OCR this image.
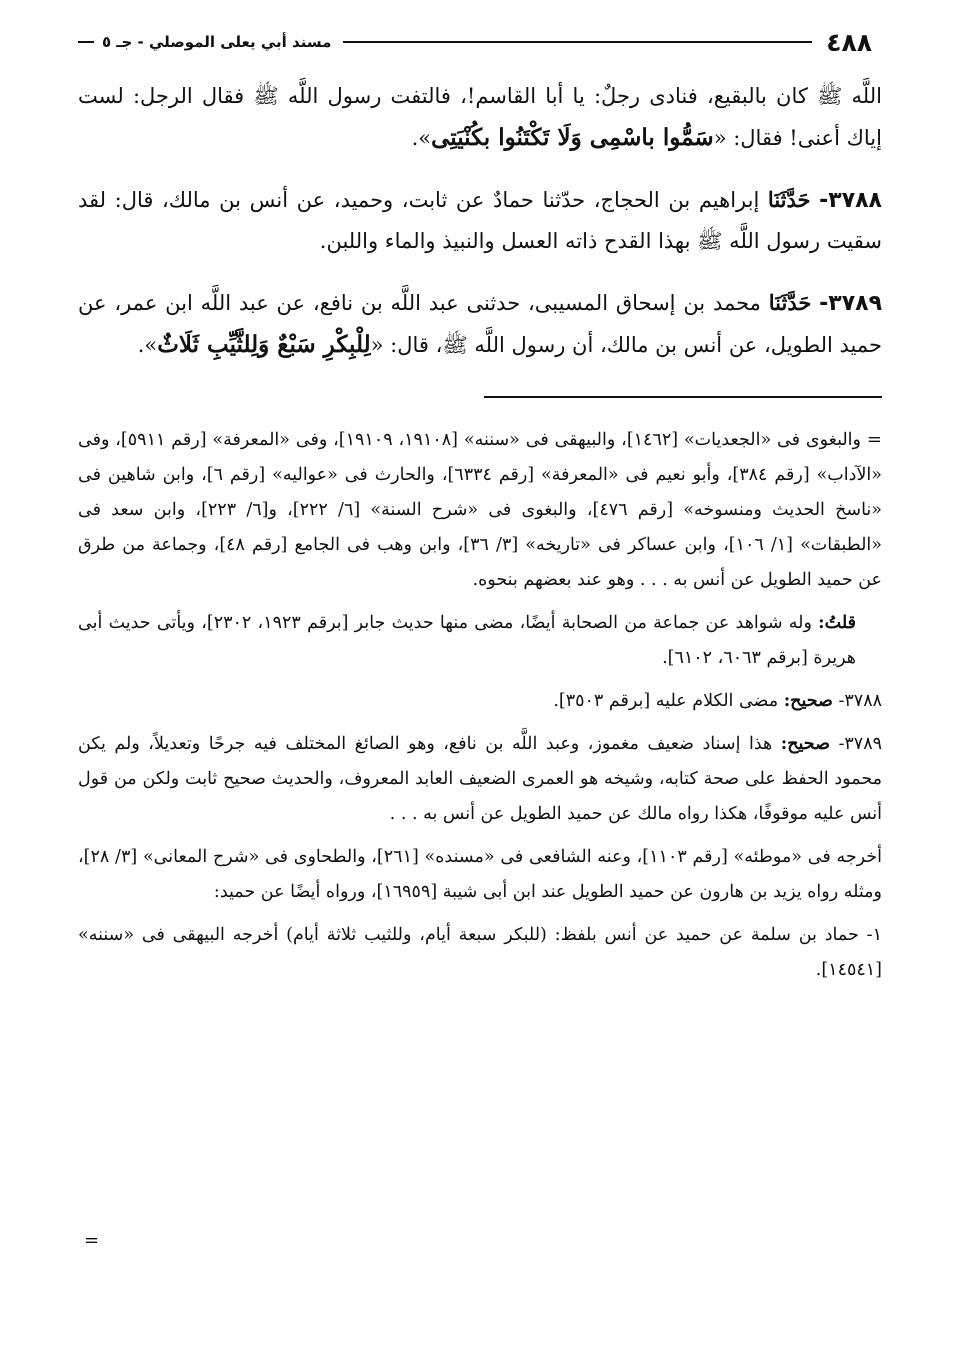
٤٨٨
مسند أبي يعلى الموصلي - جـ ٥

اللَّه ﷺ كان بالبقيع، فنادى رجلٌ: يا أبا القاسم!، فالتفت رسول اللَّه ﷺ فقال الرجل: لست إياك أعنى! فقال: «سَمُّوا باسْمِى وَلَا تَكْتَنُوا بكُنْيَتِى».

٣٧٨٨- حَدَّثَنَا إبراهيم بن الحجاج، حدّثنا حمادٌ عن ثابت، وحميد، عن أنس بن مالك، قال: لقد سقيت رسول اللَّه ﷺ بهذا القدح ذاته العسل والنبيذ والماء واللبن.

٣٧٨٩- حَدَّثَنَا محمد بن إسحاق المسيبى، حدثنى عبد اللَّه بن نافع، عن عبد اللَّه ابن عمر، عن حميد الطويل، عن أنس بن مالك، أن رسول اللَّه ﷺ، قال: «لِلْبِكْرِ سَبْعٌ وَلِلثَّيِّبِ ثَلَاثٌ».

= والبغوى فى «الجعديات» [١٤٦٢]، والبيهقى فى «سننه» [١٩١٠٨، ١٩١٠٩]، وفى «المعرفة» [رقم ٥٩١١]، وفى «الآداب» [رقم ٣٨٤]، وأبو نعيم فى «المعرفة» [رقم ٦٣٣٤]، والحارث فى «عواليه» [رقم ٦]، وابن شاهين فى «ناسخ الحديث ومنسوخه» [رقم ٤٧٦]، والبغوى فى «شرح السنة» [٦/ ٢٢٢]، و[٦/ ٢٢٣]، وابن سعد فى «الطبقات» [١/ ١٠٦]، وابن عساكر فى «تاريخه» [٣/ ٣٦]، وابن وهب فى الجامع [رقم ٤٨]، وجماعة من طرق عن حميد الطويل عن أنس به . . . وهو عند بعضهم بنحوه.

قلتُ: وله شواهد عن جماعة من الصحابة أيضًا، مضى منها حديث جابر [برقم ١٩٢٣، ٢٣٠٢]، ويأتى حديث أبى هريرة [برقم ٦٠٦٣، ٦١٠٢].

٣٧٨٨- صحيح: مضى الكلام عليه [برقم ٣٥٠٣].

٣٧٨٩- صحيح: هذا إسناد ضعيف مغموز، وعبد اللَّه بن نافع، وهو الصائغ المختلف فيه جرحًا وتعديلاً، ولم يكن محمود الحفظ على صحة كتابه، وشيخه هو العمرى الضعيف العابد المعروف، والحديث صحيح ثابت ولكن من قول أنس عليه موقوفًا، هكذا رواه مالك عن حميد الطويل عن أنس به . . .

أخرجه فى «موطئه» [رقم ١١٠٣]، وعنه الشافعى فى «مسنده» [٢٦١]، والطحاوى فى «شرح المعانى» [٣/ ٢٨]، ومثله رواه يزيد بن هارون عن حميد الطويل عند ابن أبى شيبة [١٦٩٥٩]، ورواه أيضًا عن حميد:

١- حماد بن سلمة عن حميد عن أنس بلفظ: (للبكر سبعة أيام، وللثيب ثلاثة أيام) أخرجه البيهقى فى «سننه» [١٤٥٤١].

=
